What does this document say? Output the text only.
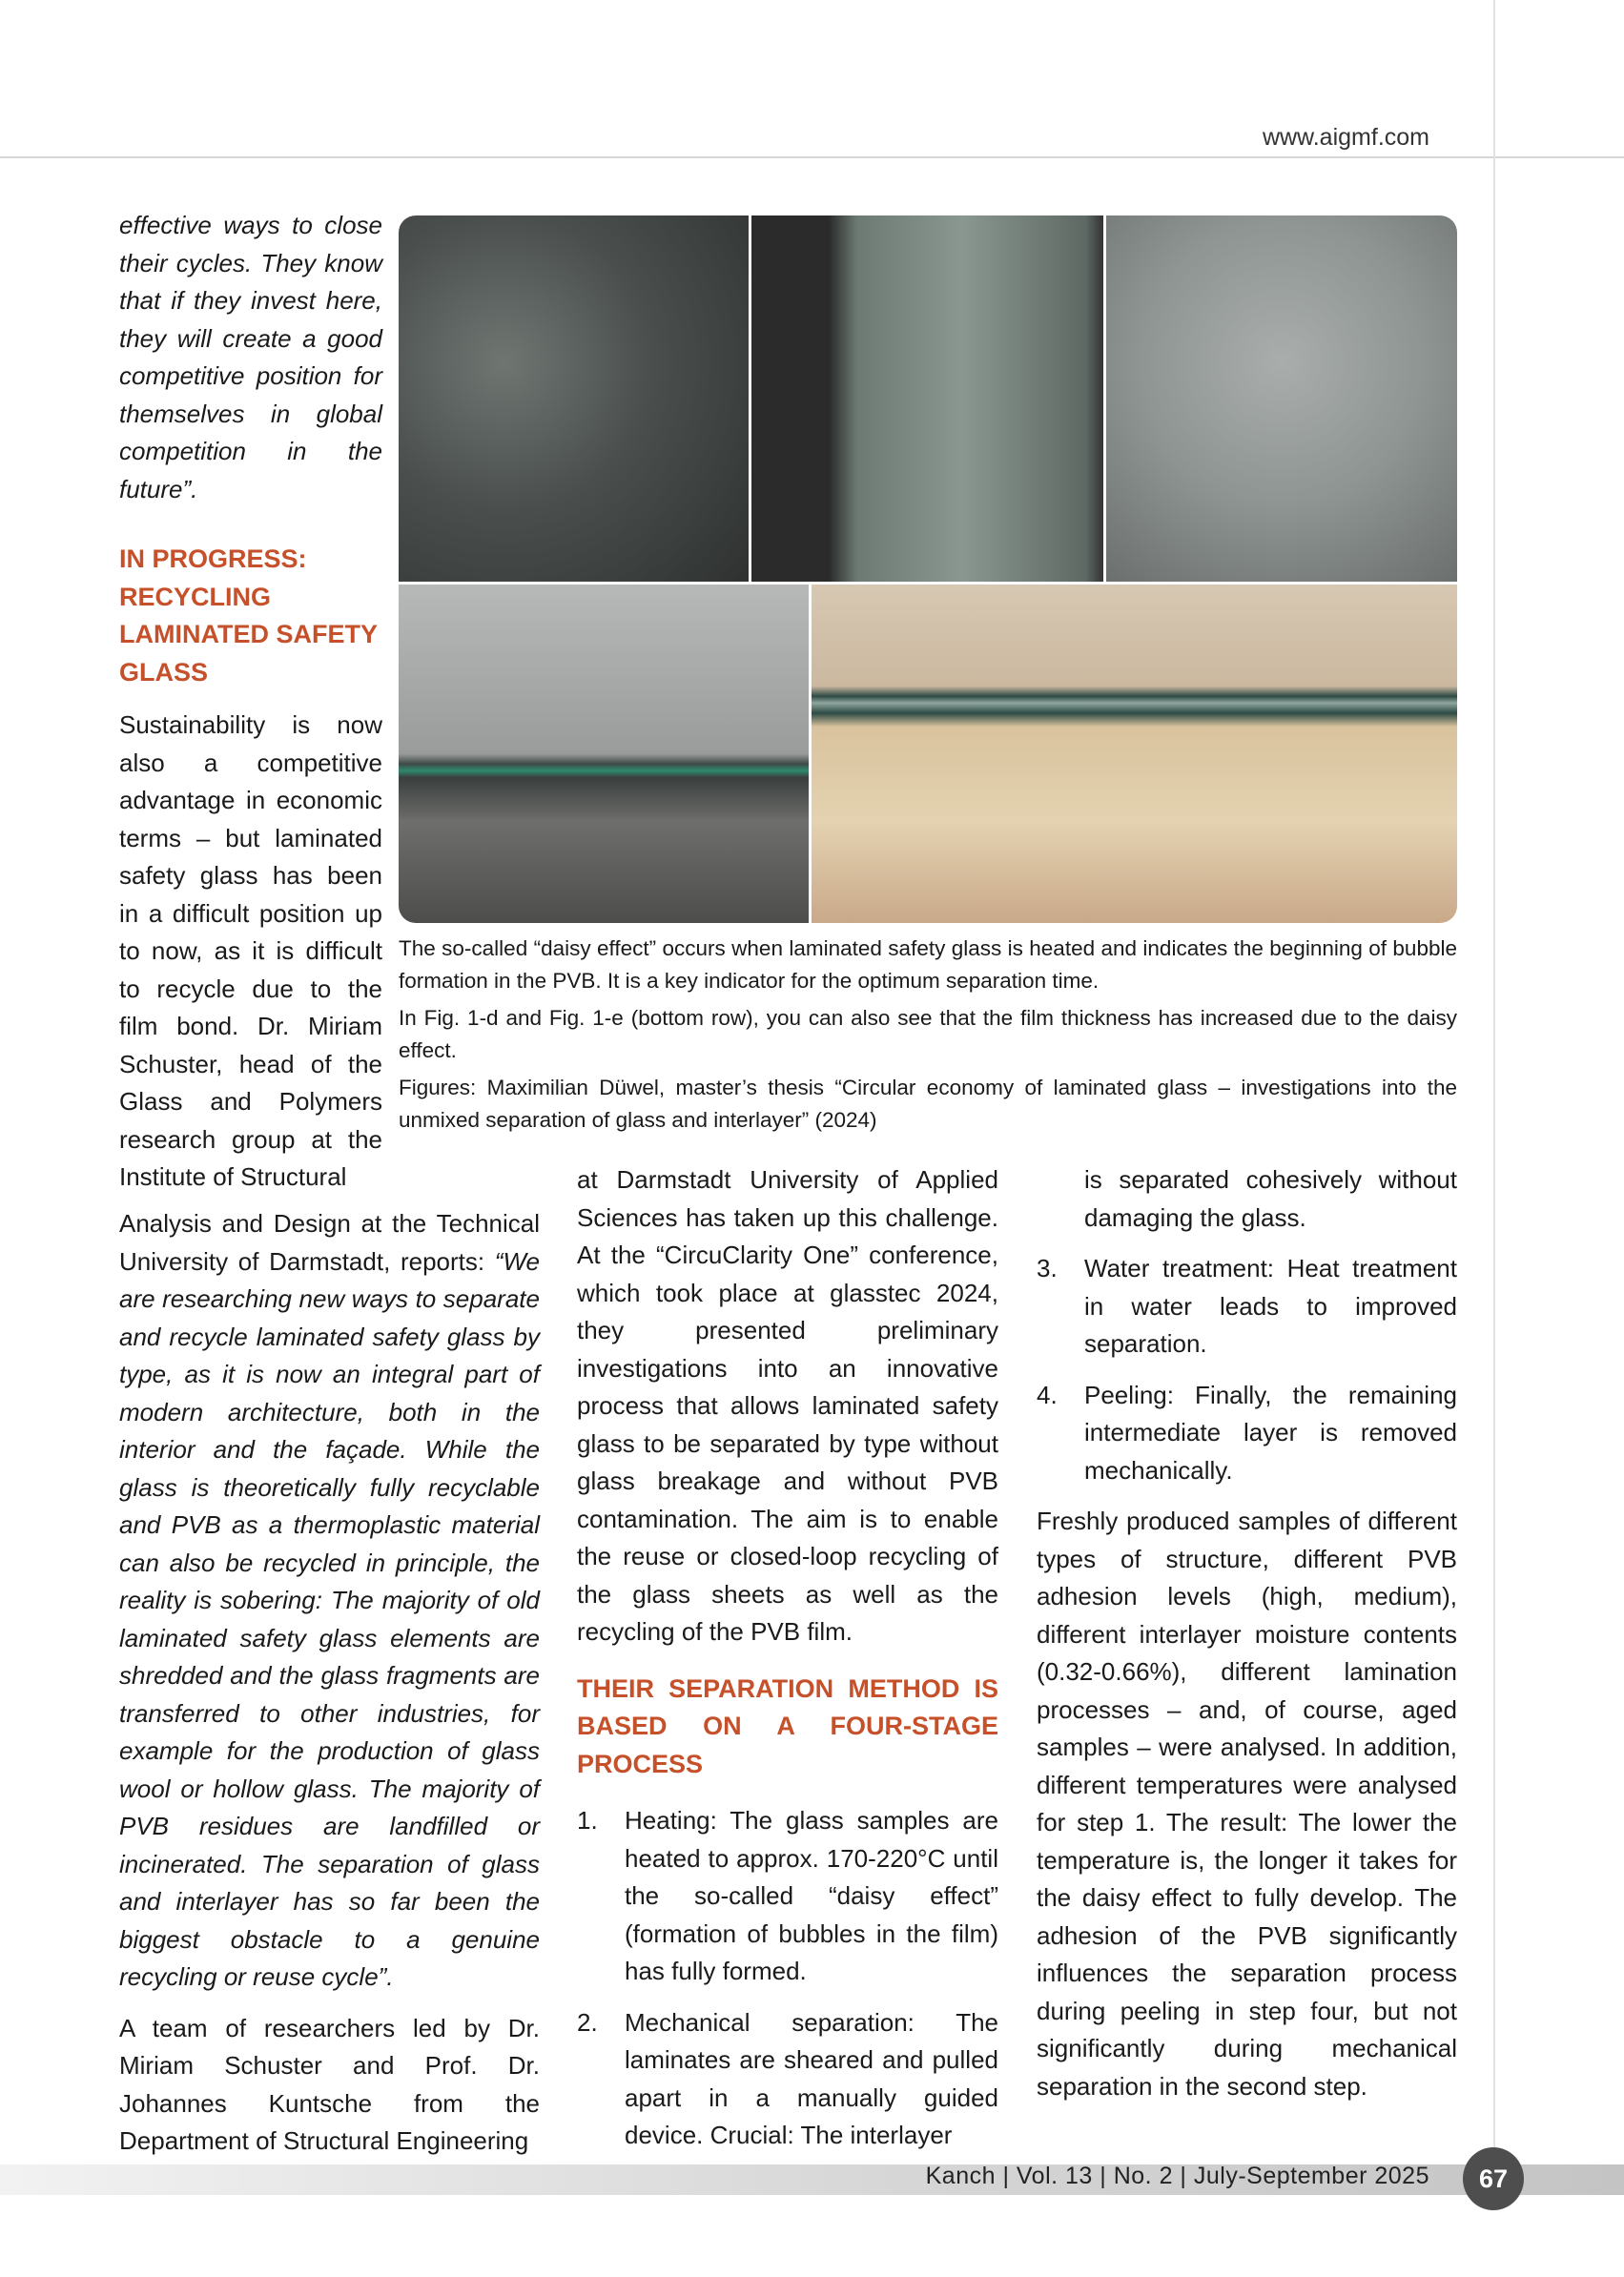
www.aigmf.com
effective ways to close their cycles. They know that if they invest here, they will create a good competitive position for themselves in global competition in the future”.
IN PROGRESS: RECYCLING LAMINATED SAFETY GLASS
Sustainability is now also a competitive advantage in economic terms – but laminated safety glass has been in a difficult position up to now, as it is difficult to recycle due to the film bond. Dr. Miriam Schuster, head of the Glass and Polymers research group at the Institute of Structural

The so-called “daisy effect” occurs when laminated safety glass is heated and indicates the beginning of bubble formation in the PVB. It is a key indicator for the optimum separation time.

In Fig. 1-d and Fig. 1-e (bottom row), you can also see that the film thickness has increased due to the daisy effect.

Figures: Maximilian Düwel, master’s thesis “Circular economy of laminated glass – investigations into the unmixed separation of glass and interlayer” (2024)

Analysis and Design at the Technical University of Darmstadt, reports: “We are researching new ways to separate and recycle laminated safety glass by type, as it is now an integral part of modern architecture, both in the interior and the façade. While the glass is theoretically fully recyclable and PVB as a thermoplastic material can also be recycled in principle, the reality is sobering: The majority of old laminated safety glass elements are shredded and the glass fragments are transferred to other industries, for example for the production of glass wool or hollow glass. The majority of PVB residues are landfilled or incinerated. The separation of glass and interlayer has so far been the biggest obstacle to a genuine recycling or reuse cycle”.

A team of researchers led by Dr. Miriam Schuster and Prof. Dr. Johannes Kuntsche from the Department of Structural Engineering

at Darmstadt University of Applied Sciences has taken up this challenge. At the “CircuClarity One” conference, which took place at glasstec 2024, they presented preliminary investigations into an innovative process that allows laminated safety glass to be separated by type without glass breakage and without PVB contamination. The aim is to enable the reuse or closed-loop recycling of the glass sheets as well as the recycling of the PVB film.

THEIR SEPARATION METHOD IS BASED ON A FOUR-STAGE PROCESS
1. Heating: The glass samples are heated to approx. 170-220°C until the so-called “daisy effect” (formation of bubbles in the film) has fully formed.
2. Mechanical separation: The laminates are sheared and pulled apart in a manually guided device. Crucial: The interlayer

is separated cohesively without damaging the glass.

3. Water treatment: Heat treatment in water leads to improved separation.
4. Peeling: Finally, the remaining intermediate layer is removed mechanically.

Freshly produced samples of different types of structure, different PVB adhesion levels (high, medium), different interlayer moisture contents (0.32-0.66%), different lamination processes – and, of course, aged samples – were analysed. In addition, different temperatures were analysed for step 1. The result: The lower the temperature is, the longer it takes for the daisy effect to fully develop. The adhesion of the PVB significantly influences the separation process during peeling in step four, but not significantly during mechanical separation in the second step.

Kanch | Vol. 13 | No. 2 | July-September 2025	67
